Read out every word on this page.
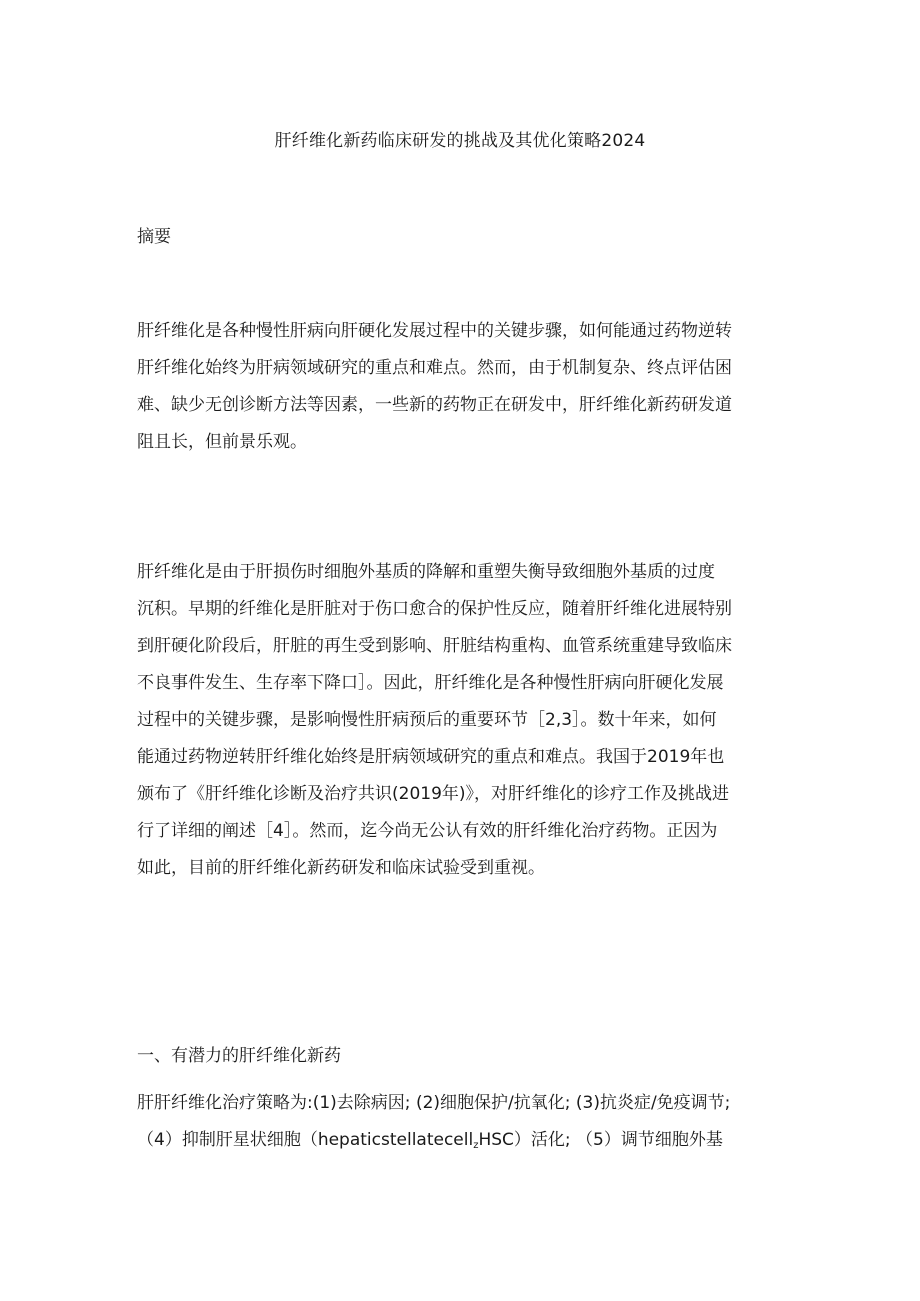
肝纤维化新药临床研发的挑战及其优化策略2024
摘要
肝纤维化是各种慢性肝病向肝硬化发展过程中的关键步骤，如何能通过药物逆转
肝纤维化始终为肝病领域研究的重点和难点。然而，由于机制复杂、终点评估困
难、缺少无创诊断方法等因素，一些新的药物正在研发中，肝纤维化新药研发道
阻且长，但前景乐观。
肝纤维化是由于肝损伤时细胞外基质的降解和重塑失衡导致细胞外基质的过度
沉积。早期的纤维化是肝脏对于伤口愈合的保护性反应，随着肝纤维化进展特别
到肝硬化阶段后，肝脏的再生受到影响、肝脏结构重构、血管系统重建导致临床
不良事件发生、生存率下降口］。因此，肝纤维化是各种慢性肝病向肝硬化发展
过程中的关键步骤，是影响慢性肝病预后的重要环节［2,3］。数十年来，如何
能通过药物逆转肝纤维化始终是肝病领域研究的重点和难点。我国于2019年也
颁布了《肝纤维化诊断及治疗共识(2019年)》，对肝纤维化的诊疗工作及挑战进
行了详细的阐述［4］。然而，迄今尚无公认有效的肝纤维化治疗药物。正因为
如此，目前的肝纤维化新药研发和临床试验受到重视。
一、有潜力的肝纤维化新药
肝肝纤维化治疗策略为:(1)去除病因; (2)细胞保护/抗氧化; (3)抗炎症/免疫调节;
（4）抑制肝星状细胞（hepaticstellatecell$_z$HSC）活化; （5）调节细胞外基
